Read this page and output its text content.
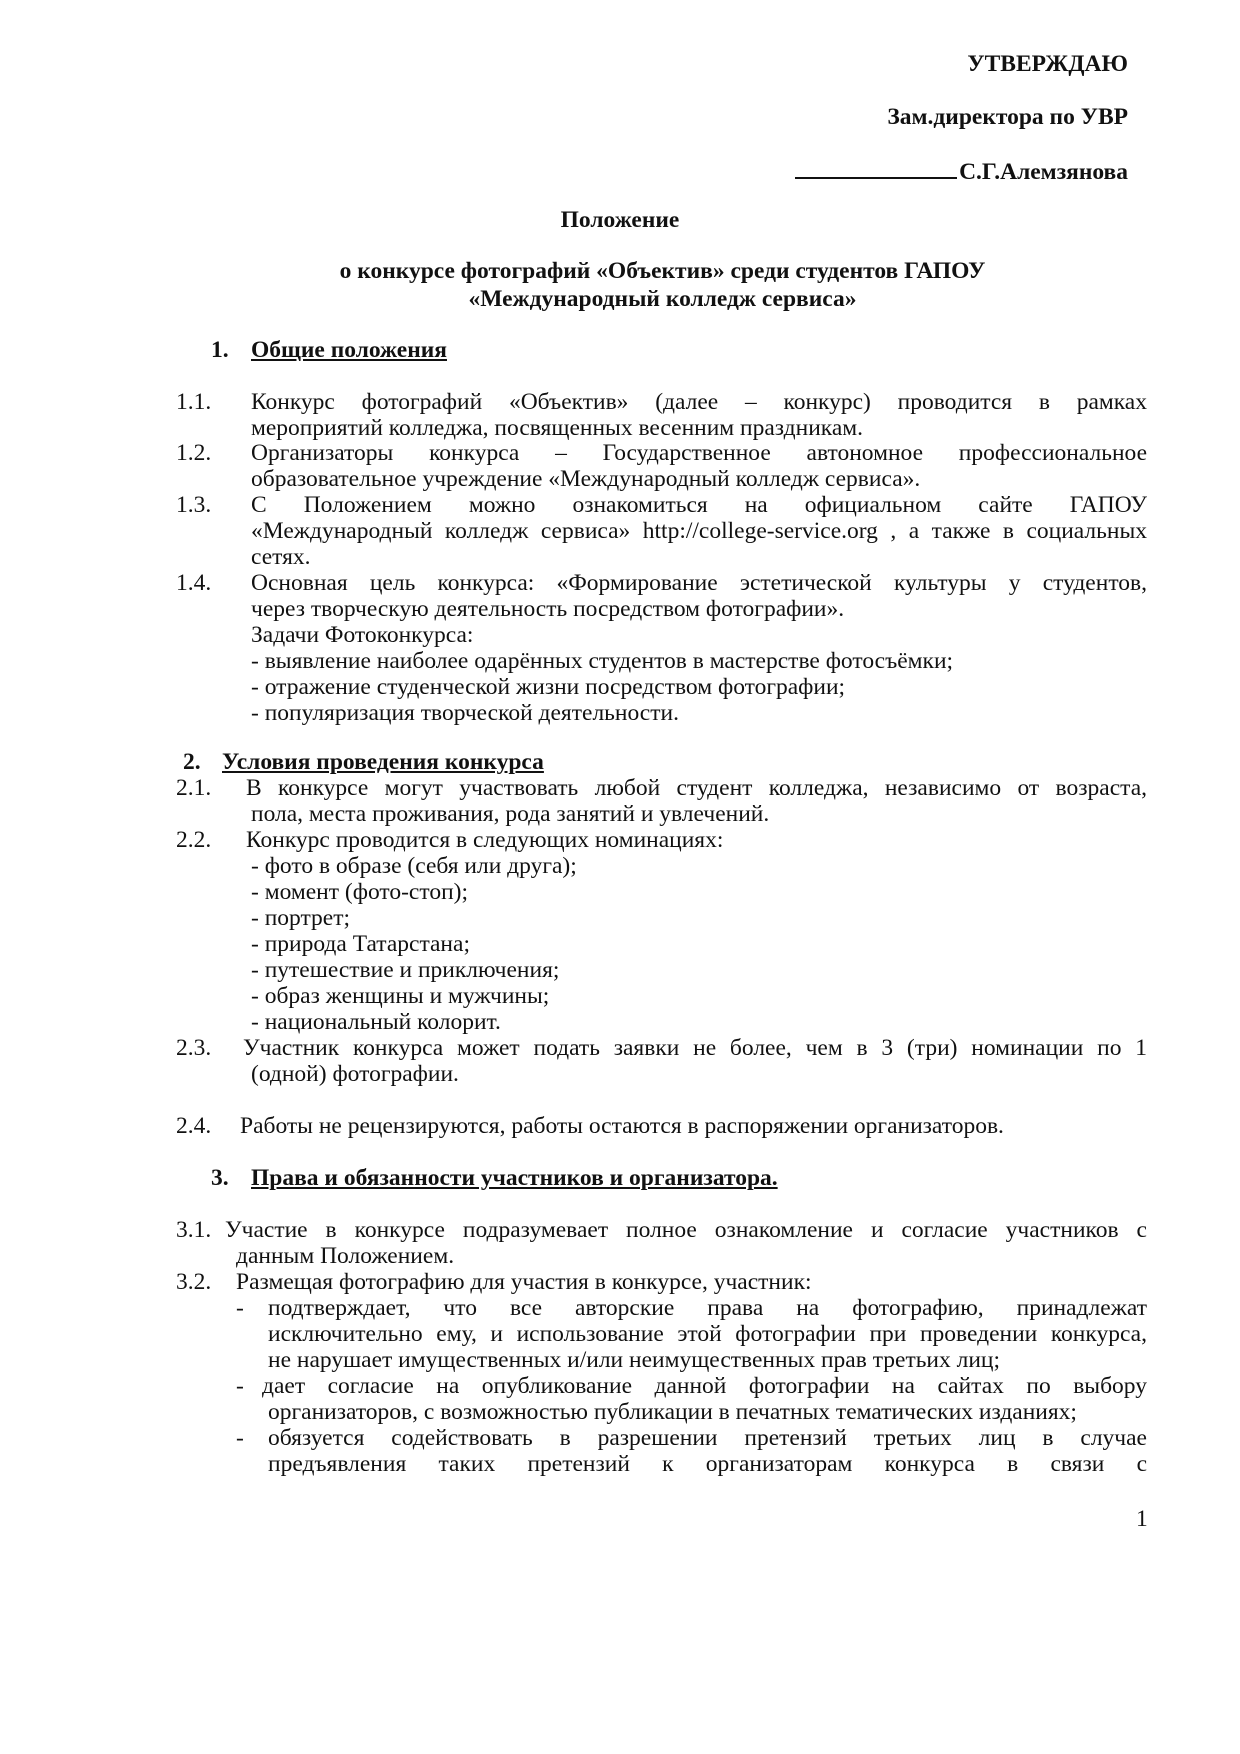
УТВЕРЖДАЮ
Зам.директора по УВР
С.Г.Алемзянова
Положение
о конкурсе фотографий «Объектив» среди студентов ГАПОУ
«Международный колледж сервиса»
1. Общие положения
1.1. Конкурс фотографий «Объектив» (далее – конкурс) проводится в рамках
мероприятий колледжа, посвященных весенним праздникам.
1.2. Организаторы конкурса – Государственное автономное профессиональное
образовательное учреждение «Международный колледж сервиса».
1.3. С Положением можно ознакомиться на официальном сайте ГАПОУ
«Международный колледж сервиса» http://college-service.org , а также в социальных
сетях.
1.4. Основная цель конкурса: «Формирование эстетической культуры у студентов,
через творческую деятельность посредством фотографии».
Задачи Фотоконкурса:
- выявление наиболее одарённых студентов в мастерстве фотосъёмки;
- отражение студенческой жизни посредством фотографии;
- популяризация творческой деятельности.
2. Условия проведения конкурса
2.1. В конкурсе могут участвовать любой студент колледжа, независимо от возраста,
пола, места проживания, рода занятий и увлечений.
2.2. Конкурс проводится в следующих номинациях:
- фото в образе (себя или друга);
- момент (фото-стоп);
- портрет;
- природа Татарстана;
- путешествие и приключения;
- образ женщины и мужчины;
- национальный колорит.
2.3. Участник конкурса может подать заявки не более, чем в 3 (три) номинации по 1
(одной) фотографии.
2.4. Работы не рецензируются, работы остаются в распоряжении организаторов.
3. Права и обязанности участников и организатора.
3.1. Участие в конкурсе подразумевает полное ознакомление и согласие участников с
данным Положением.
3.2. Размещая фотографию для участия в конкурсе, участник:
- подтверждает, что все авторские права на фотографию, принадлежат
исключительно ему, и использование этой фотографии при проведении конкурса,
не нарушает имущественных и/или неимущественных прав третьих лиц;
- дает согласие на опубликование данной фотографии на сайтах по выбору
организаторов, с возможностью публикации в печатных тематических изданиях;
- обязуется содействовать в разрешении претензий третьих лиц в случае
предъявления таких претензий к организаторам конкурса в связи с
1
